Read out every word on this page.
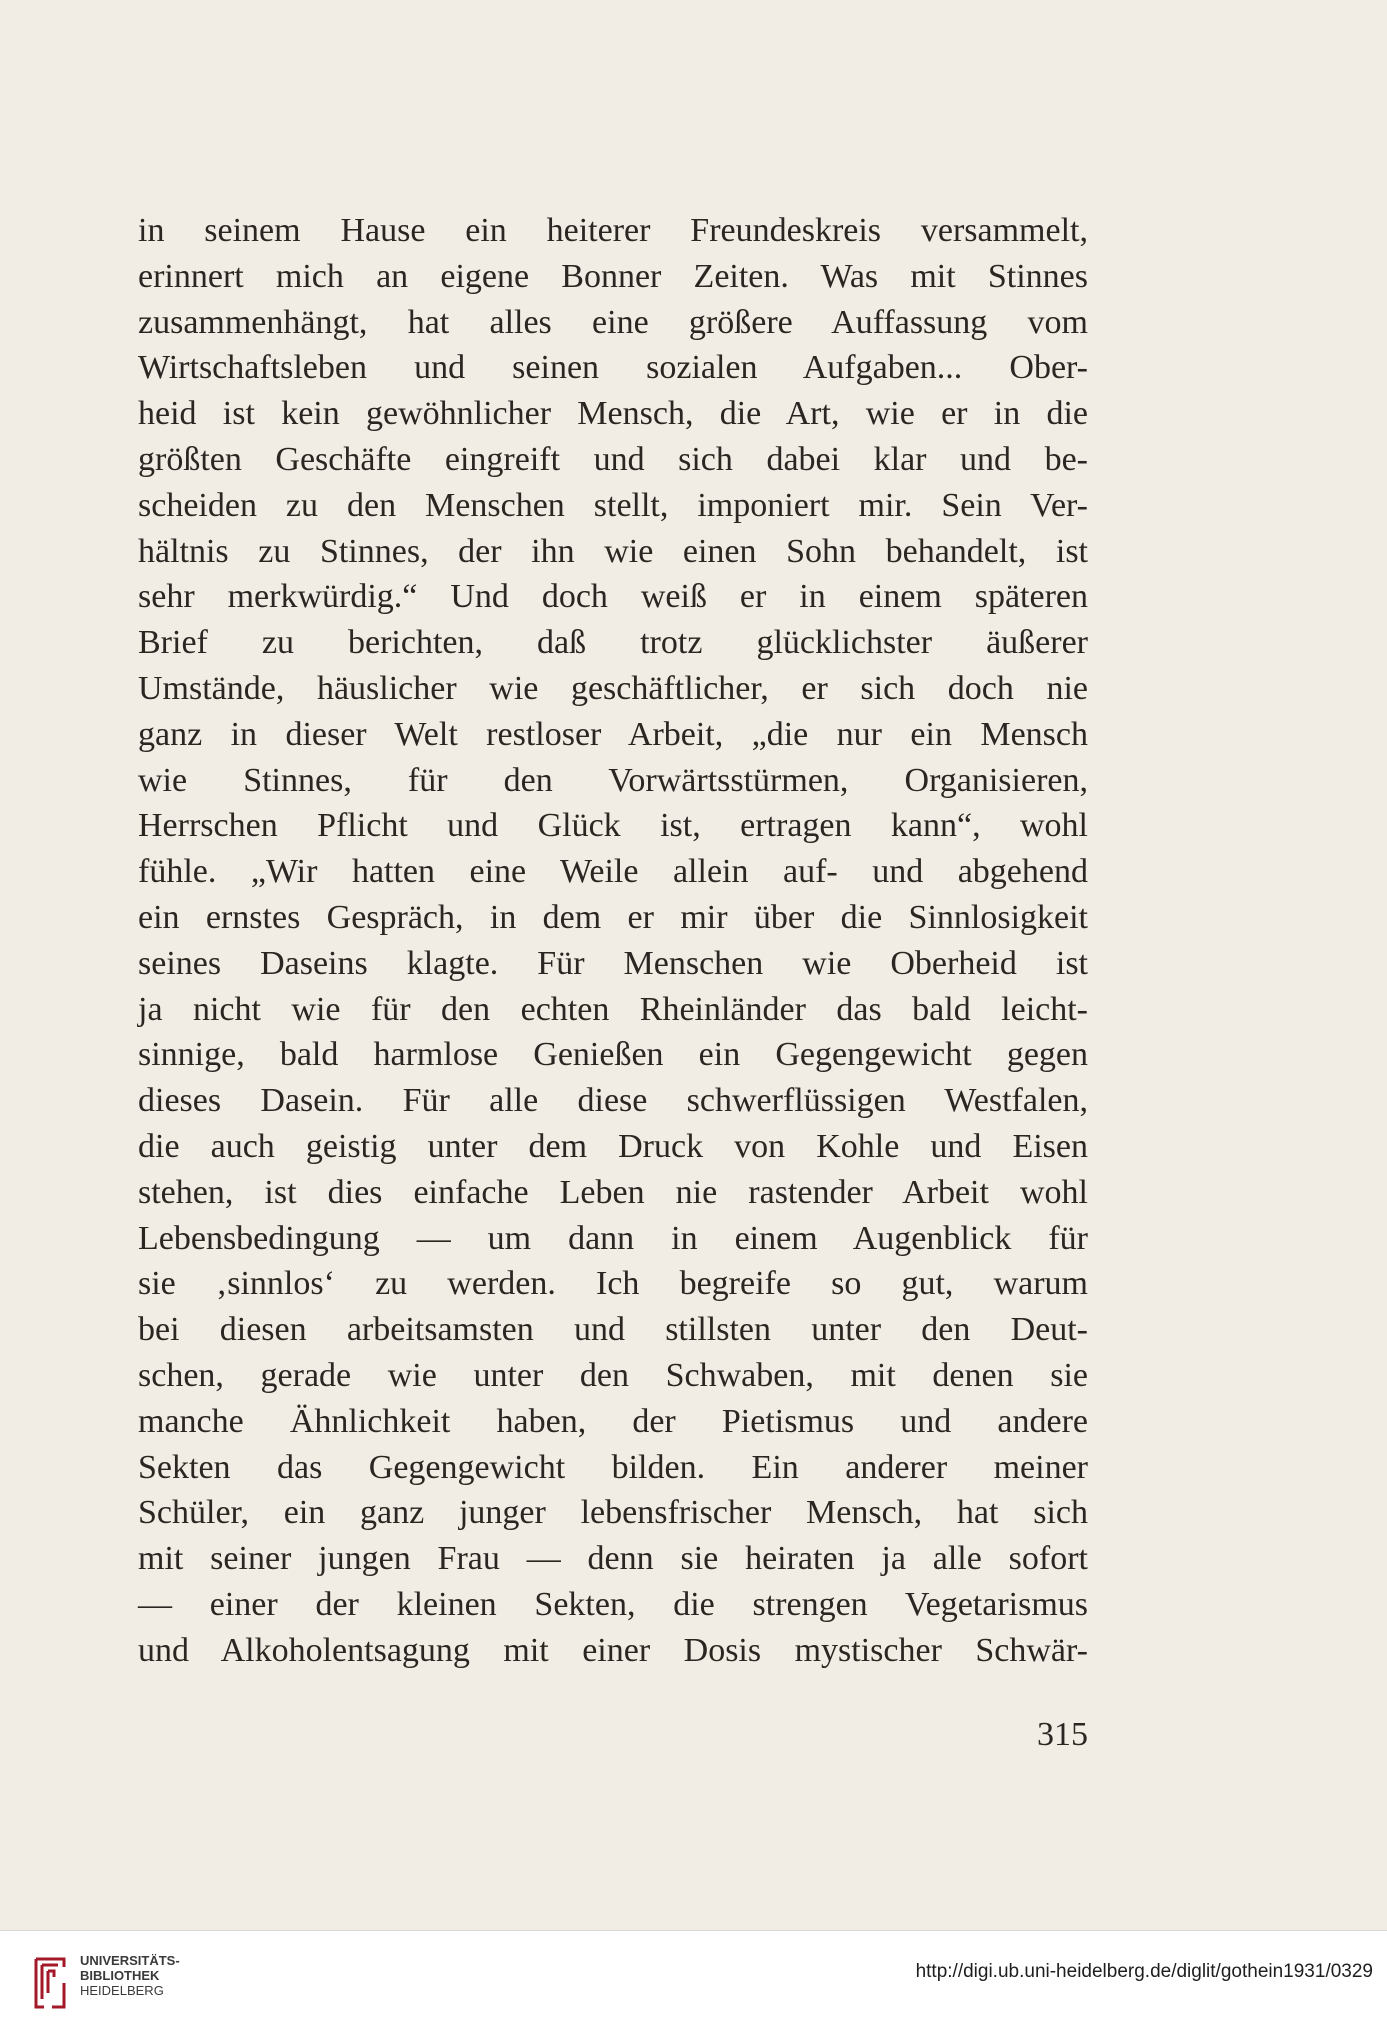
in seinem Hause ein heiterer Freundeskreis versammelt,
erinnert mich an eigene Bonner Zeiten. Was mit Stinnes
zusammenhängt, hat alles eine größere Auffassung vom
Wirtschaftsleben und seinen sozialen Aufgaben... Ober-
heid ist kein gewöhnlicher Mensch, die Art, wie er in die
größten Geschäfte eingreift und sich dabei klar und be-
scheiden zu den Menschen stellt, imponiert mir. Sein Ver-
hältnis zu Stinnes, der ihn wie einen Sohn behandelt, ist
sehr merkwürdig.“ Und doch weiß er in einem späteren
Brief zu berichten, daß trotz glücklichster äußerer
Umstände, häuslicher wie geschäftlicher, er sich doch nie
ganz in dieser Welt restloser Arbeit, „die nur ein Mensch
wie Stinnes, für den Vorwärtsstürmen, Organisieren,
Herrschen Pflicht und Glück ist, ertragen kann“, wohl
fühle. „Wir hatten eine Weile allein auf- und abgehend
ein ernstes Gespräch, in dem er mir über die Sinnlosigkeit
seines Daseins klagte. Für Menschen wie Oberheid ist
ja nicht wie für den echten Rheinländer das bald leicht-
sinnige, bald harmlose Genießen ein Gegengewicht gegen
dieses Dasein. Für alle diese schwerflüssigen Westfalen,
die auch geistig unter dem Druck von Kohle und Eisen
stehen, ist dies einfache Leben nie rastender Arbeit wohl
Lebensbedingung — um dann in einem Augenblick für
sie ‚sinnlos‘ zu werden. Ich begreife so gut, warum
bei diesen arbeitsamsten und stillsten unter den Deut-
schen, gerade wie unter den Schwaben, mit denen sie
manche Ähnlichkeit haben, der Pietismus und andere
Sekten das Gegengewicht bilden. Ein anderer meiner
Schüler, ein ganz junger lebensfrischer Mensch, hat sich
mit seiner jungen Frau — denn sie heiraten ja alle sofort
— einer der kleinen Sekten, die strengen Vegetarismus
und Alkoholentsagung mit einer Dosis mystischer Schwär-
315
UNIVERSITÄTS-
BIBLIOTHEK
HEIDELBERG
http://digi.ub.uni-heidelberg.de/diglit/gothein1931/0329
